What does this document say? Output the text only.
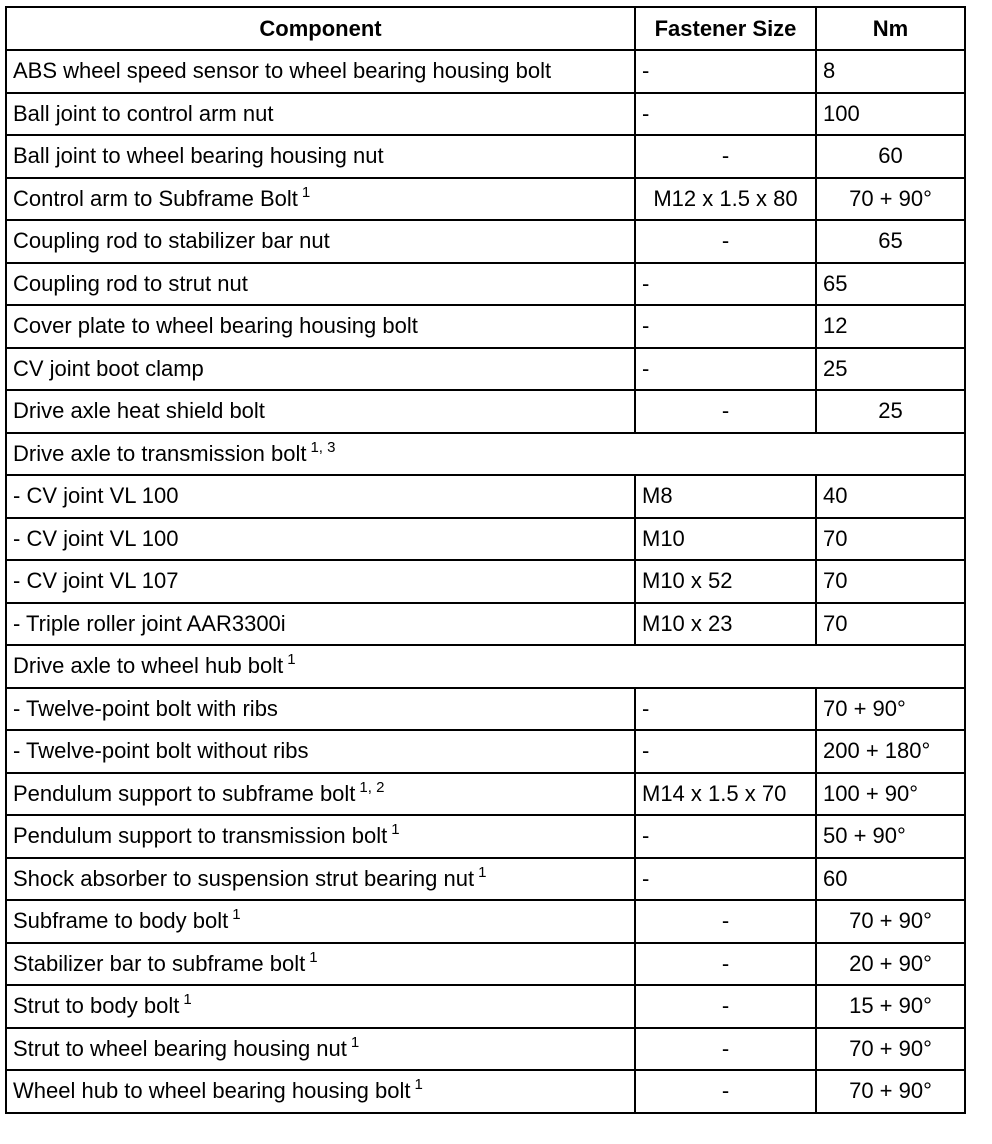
Component	Fastener Size	Nm
ABS wheel speed sensor to wheel bearing housing bolt	-	8
Ball joint to control arm nut	-	100
Ball joint to wheel bearing housing nut	-	60
Control arm to Subframe Bolt $^1$	M12 x 1.5 x 80	70 + 90°
Coupling rod to stabilizer bar nut	-	65
Coupling rod to strut nut	-	65
Cover plate to wheel bearing housing bolt	-	12
CV joint boot clamp	-	25
Drive axle heat shield bolt	-	25
Drive axle to transmission bolt $^{1, 3}$
- CV joint VL 100	M8	40
- CV joint VL 100	M10	70
- CV joint VL 107	M10 x 52	70
- Triple roller joint AAR3300i	M10 x 23	70
Drive axle to wheel hub bolt $^1$
- Twelve-point bolt with ribs	-	70 + 90°
- Twelve-point bolt without ribs	-	200 + 180°
Pendulum support to subframe bolt $^{1, 2}$	M14 x 1.5 x 70	100 + 90°
Pendulum support to transmission bolt $^1$	-	50 + 90°
Shock absorber to suspension strut bearing nut $^1$	-	60
Subframe to body bolt $^1$	-	70 + 90°
Stabilizer bar to subframe bolt $^1$	-	20 + 90°
Strut to body bolt $^1$	-	15 + 90°
Strut to wheel bearing housing nut $^1$	-	70 + 90°
Wheel hub to wheel bearing housing bolt $^1$	-	70 + 90°
